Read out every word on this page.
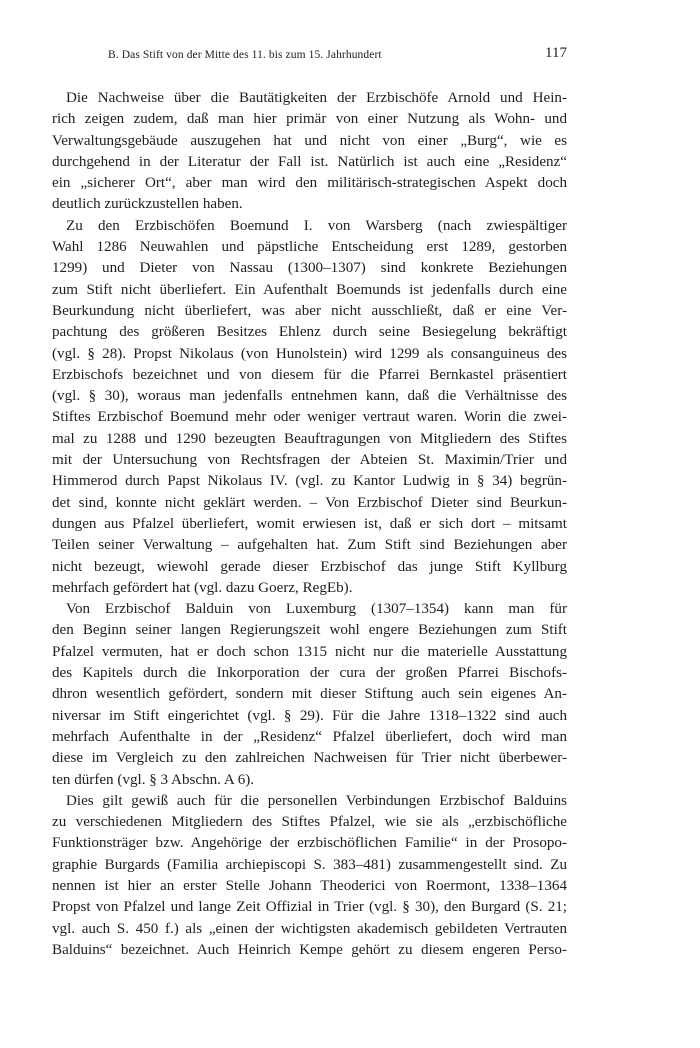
B. Das Stift von der Mitte des 11. bis zum 15. Jahrhundert	117
Die Nachweise über die Bautätigkeiten der Erzbischöfe Arnold und Hein-
rich zeigen zudem, daß man hier primär von einer Nutzung als Wohn- und
Verwaltungsgebäude auszugehen hat und nicht von einer „Burg“, wie es
durchgehend in der Literatur der Fall ist. Natürlich ist auch eine „Residenz“
ein „sicherer Ort“, aber man wird den militärisch-strategischen Aspekt doch
deutlich zurückzustellen haben.
Zu den Erzbischöfen Boemund I. von Warsberg (nach zwiespältiger
Wahl 1286 Neuwahlen und päpstliche Entscheidung erst 1289, gestorben
1299) und Dieter von Nassau (1300–1307) sind konkrete Beziehungen
zum Stift nicht überliefert. Ein Aufenthalt Boemunds ist jedenfalls durch eine
Beurkundung nicht überliefert, was aber nicht ausschließt, daß er eine Ver-
pachtung des größeren Besitzes Ehlenz durch seine Besiegelung bekräftigt
(vgl. § 28). Propst Nikolaus (von Hunolstein) wird 1299 als consanguineus des
Erzbischofs bezeichnet und von diesem für die Pfarrei Bernkastel präsentiert
(vgl. § 30), woraus man jedenfalls entnehmen kann, daß die Verhältnisse des
Stiftes Erzbischof Boemund mehr oder weniger vertraut waren. Worin die zwei-
mal zu 1288 und 1290 bezeugten Beauftragungen von Mitgliedern des Stiftes
mit der Untersuchung von Rechtsfragen der Abteien St. Maximin/Trier und
Himmerod durch Papst Nikolaus IV. (vgl. zu Kantor Ludwig in § 34) begrün-
det sind, konnte nicht geklärt werden. – Von Erzbischof Dieter sind Beurkun-
dungen aus Pfalzel überliefert, womit erwiesen ist, daß er sich dort – mitsamt
Teilen seiner Verwaltung – aufgehalten hat. Zum Stift sind Beziehungen aber
nicht bezeugt, wiewohl gerade dieser Erzbischof das junge Stift Kyllburg
mehrfach gefördert hat (vgl. dazu Goerz, RegEb).
Von Erzbischof Balduin von Luxemburg (1307–1354) kann man für
den Beginn seiner langen Regierungszeit wohl engere Beziehungen zum Stift
Pfalzel vermuten, hat er doch schon 1315 nicht nur die materielle Ausstattung
des Kapitels durch die Inkorporation der cura der großen Pfarrei Bischofs-
dhron wesentlich gefördert, sondern mit dieser Stiftung auch sein eigenes An-
niversar im Stift eingerichtet (vgl. § 29). Für die Jahre 1318–1322 sind auch
mehrfach Aufenthalte in der „Residenz“ Pfalzel überliefert, doch wird man
diese im Vergleich zu den zahlreichen Nachweisen für Trier nicht überbewer-
ten dürfen (vgl. § 3 Abschn. A 6).
Dies gilt gewiß auch für die personellen Verbindungen Erzbischof Balduins
zu verschiedenen Mitgliedern des Stiftes Pfalzel, wie sie als „erzbischöfliche
Funktionsträger bzw. Angehörige der erzbischöflichen Familie“ in der Prosopo-
graphie Burgards (Familia archiepiscopi S. 383–481) zusammengestellt sind. Zu
nennen ist hier an erster Stelle Johann Theoderici von Roermont, 1338–1364
Propst von Pfalzel und lange Zeit Offizial in Trier (vgl. § 30), den Burgard (S. 21;
vgl. auch S. 450 f.) als „einen der wichtigsten akademisch gebildeten Vertrauten
Balduins“ bezeichnet. Auch Heinrich Kempe gehört zu diesem engeren Perso-
